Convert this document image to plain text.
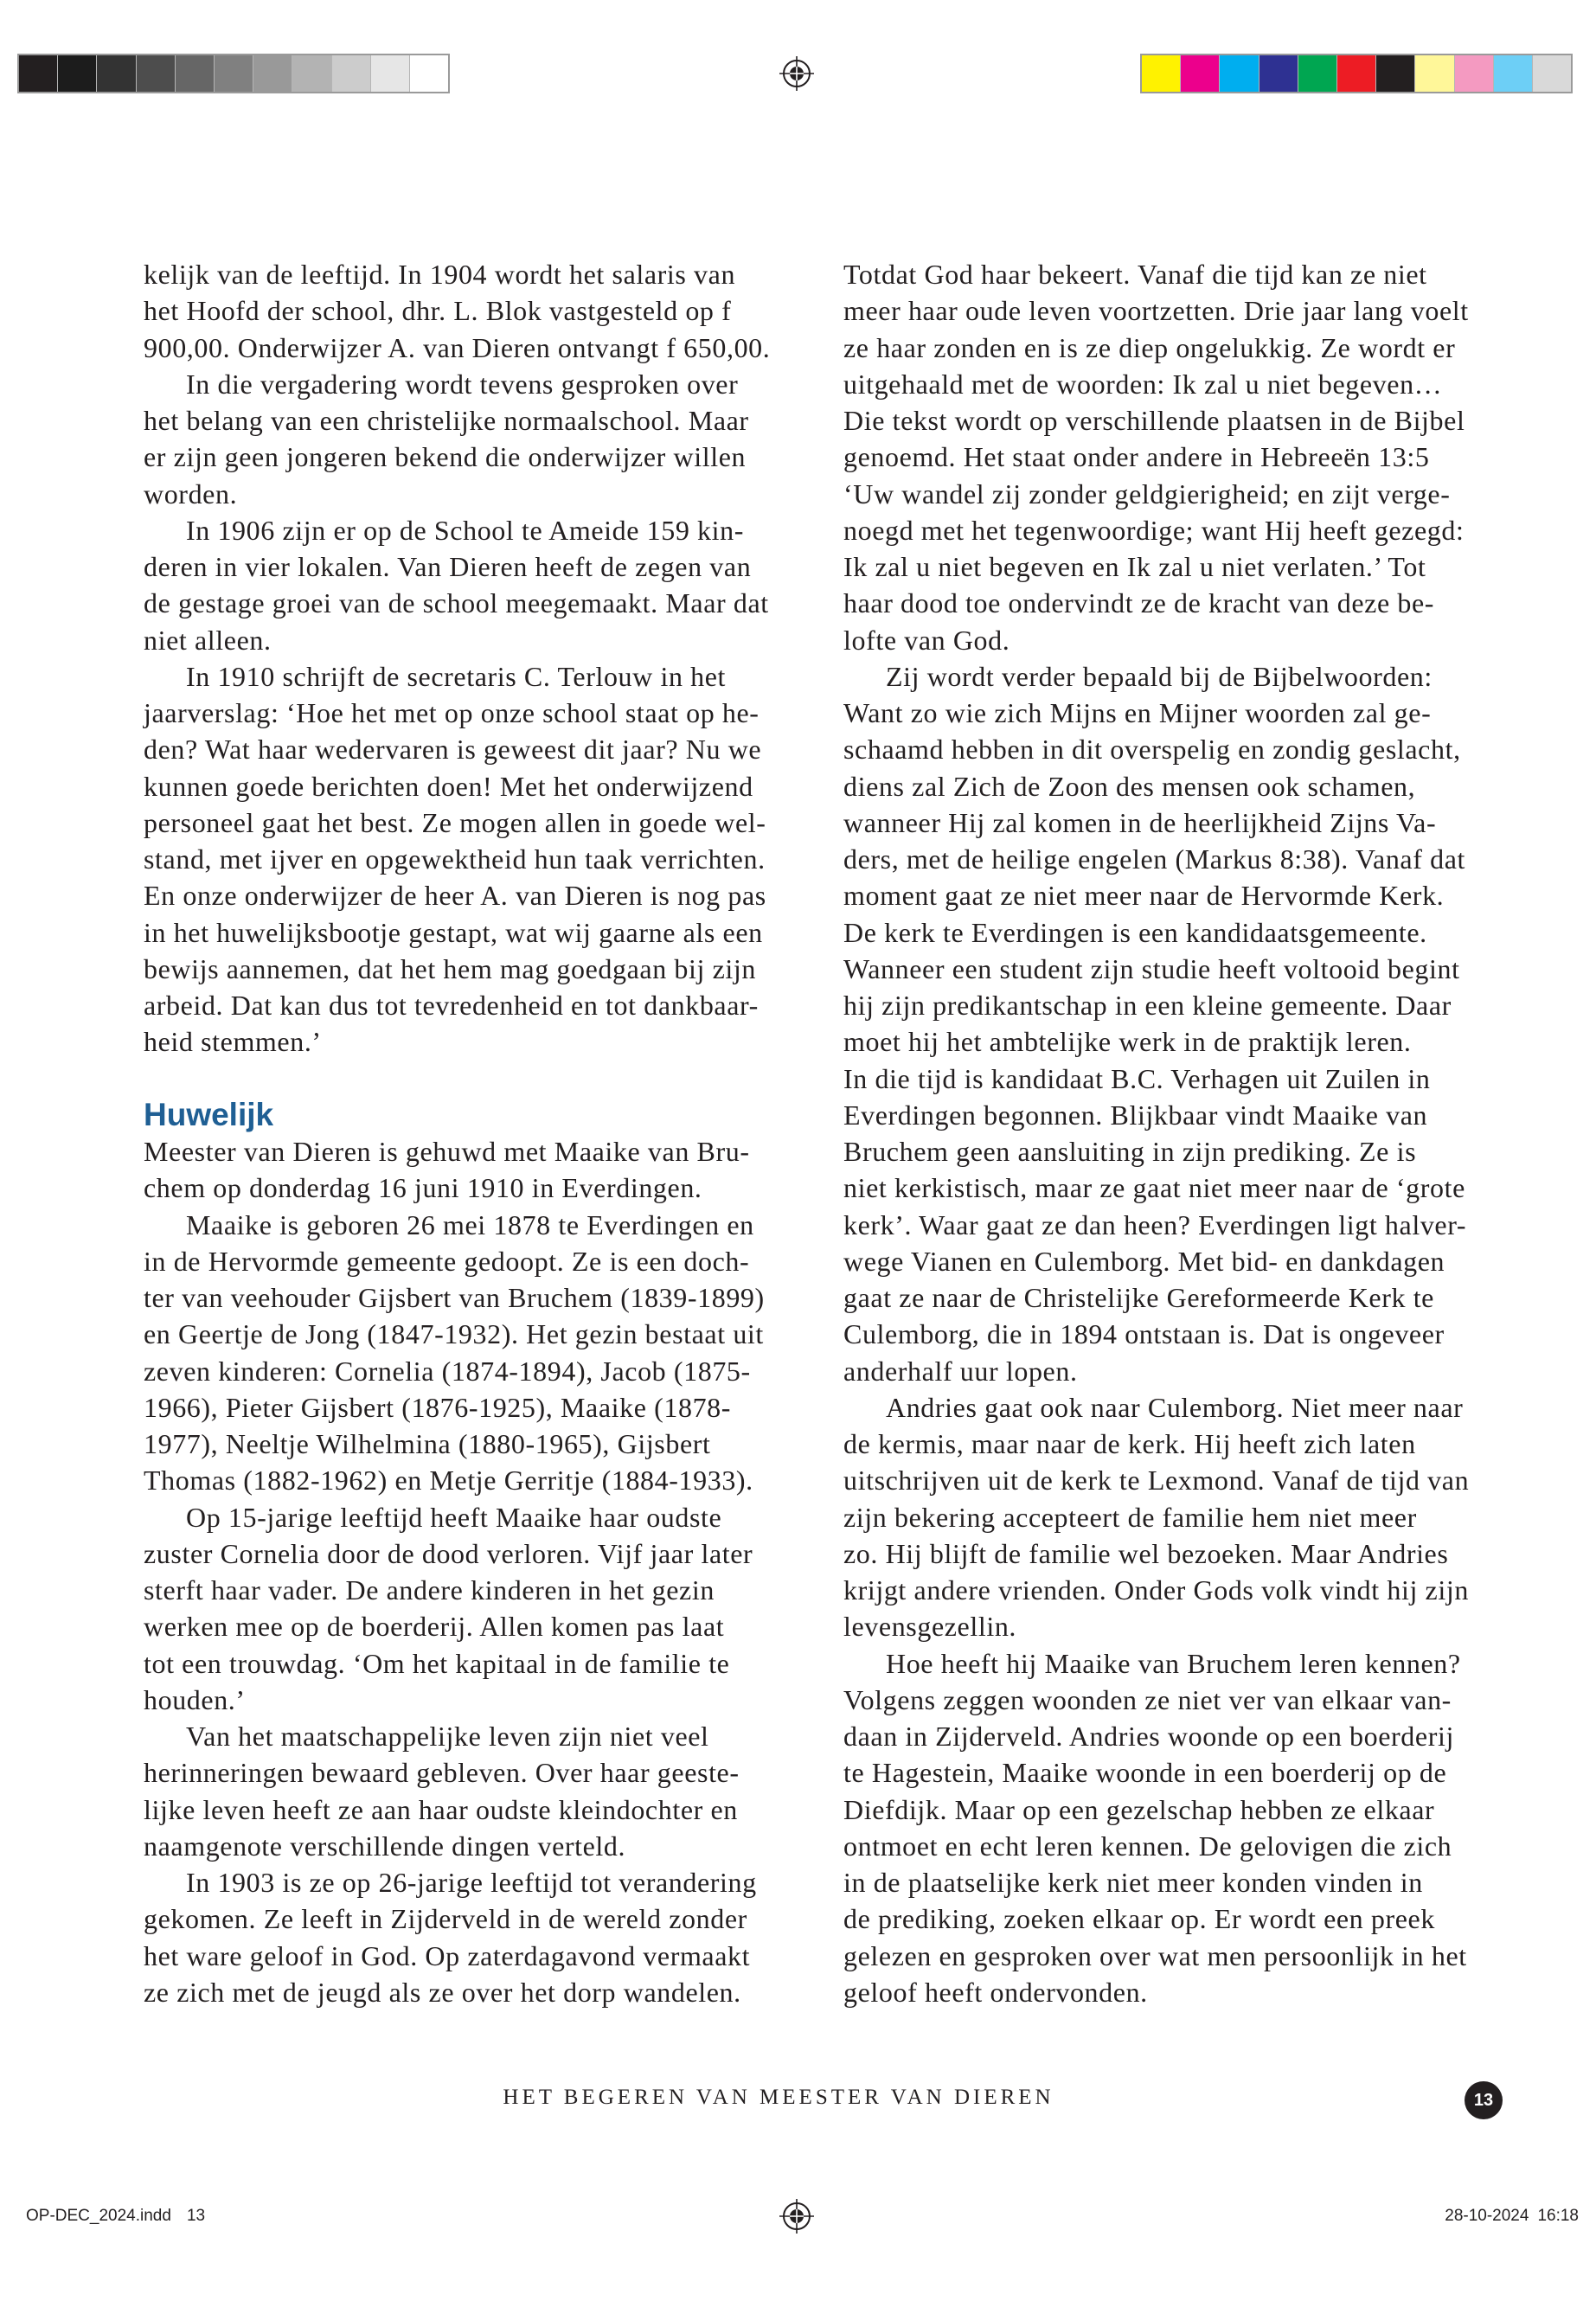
kelijk van de leeftijd. In 1904 wordt het salaris van
het Hoofd der school, dhr. L. Blok vastgesteld op f
900,00. Onderwijzer A. van Dieren ontvangt f 650,00.
In die vergadering wordt tevens gesproken over
het belang van een christelijke normaalschool. Maar
er zijn geen jongeren bekend die onderwijzer willen
worden.
In 1906 zijn er op de School te Ameide 159 kin-
deren in vier lokalen. Van Dieren heeft de zegen van
de gestage groei van de school meegemaakt. Maar dat
niet alleen.
In 1910 schrijft de secretaris C. Terlouw in het
jaarverslag: ‘Hoe het met op onze school staat op he-
den? Wat haar wedervaren is geweest dit jaar? Nu we
kunnen goede berichten doen! Met het onderwijzend
personeel gaat het best. Ze mogen allen in goede wel-
stand, met ijver en opgewektheid hun taak verrichten.
En onze onderwijzer de heer A. van Dieren is nog pas
in het huwelijksbootje gestapt, wat wij gaarne als een
bewijs aannemen, dat het hem mag goedgaan bij zijn
arbeid. Dat kan dus tot tevredenheid en tot dankbaar-
heid stemmen.’
Huwelijk
Meester van Dieren is gehuwd met Maaike van Bru-
chem op donderdag 16 juni 1910 in Everdingen.
Maaike is geboren 26 mei 1878 te Everdingen en
in de Hervormde gemeente gedoopt. Ze is een doch-
ter van veehouder Gijsbert van Bruchem (1839-1899)
en Geertje de Jong (1847-1932). Het gezin bestaat uit
zeven kinderen: Cornelia (1874-1894), Jacob (1875-
1966), Pieter Gijsbert (1876-1925), Maaike (1878-
1977), Neeltje Wilhelmina (1880-1965), Gijsbert
Thomas (1882-1962) en Metje Gerritje (1884-1933).
Op 15-jarige leeftijd heeft Maaike haar oudste
zuster Cornelia door de dood verloren. Vijf jaar later
sterft haar vader. De andere kinderen in het gezin
werken mee op de boerderij. Allen komen pas laat
tot een trouwdag. ‘Om het kapitaal in de familie te
houden.’
Van het maatschappelijke leven zijn niet veel
herinneringen bewaard gebleven. Over haar geeste-
lijke leven heeft ze aan haar oudste kleindochter en
naamgenote verschillende dingen verteld.
In 1903 is ze op 26-jarige leeftijd tot verandering
gekomen. Ze leeft in Zijderveld in de wereld zonder
het ware geloof in God. Op zaterdagavond vermaakt
ze zich met de jeugd als ze over het dorp wandelen.
Totdat God haar bekeert. Vanaf die tijd kan ze niet
meer haar oude leven voortzetten. Drie jaar lang voelt
ze haar zonden en is ze diep ongelukkig. Ze wordt er
uitgehaald met de woorden: Ik zal u niet begeven…
Die tekst wordt op verschillende plaatsen in de Bijbel
genoemd. Het staat onder andere in Hebreeën 13:5
‘Uw wandel zij zonder geldgierigheid; en zijt verge-
noegd met het tegenwoordige; want Hij heeft gezegd:
Ik zal u niet begeven en Ik zal u niet verlaten.’ Tot
haar dood toe ondervindt ze de kracht van deze be-
lofte van God.
Zij wordt verder bepaald bij de Bijbelwoorden:
Want zo wie zich Mijns en Mijner woorden zal ge-
schaamd hebben in dit overspelig en zondig geslacht,
diens zal Zich de Zoon des mensen ook schamen,
wanneer Hij zal komen in de heerlijkheid Zijns Va-
ders, met de heilige engelen (Markus 8:38). Vanaf dat
moment gaat ze niet meer naar de Hervormde Kerk.
De kerk te Everdingen is een kandidaatsgemeente.
Wanneer een student zijn studie heeft voltooid begint
hij zijn predikantschap in een kleine gemeente. Daar
moet hij het ambtelijke werk in de praktijk leren.
In die tijd is kandidaat B.C. Verhagen uit Zuilen in
Everdingen begonnen. Blijkbaar vindt Maaike van
Bruchem geen aansluiting in zijn prediking. Ze is
niet kerkistisch, maar ze gaat niet meer naar de ‘grote
kerk’. Waar gaat ze dan heen? Everdingen ligt halver-
wege Vianen en Culemborg. Met bid- en dankdagen
gaat ze naar de Christelijke Gereformeerde Kerk te
Culemborg, die in 1894 ontstaan is. Dat is ongeveer
anderhalf uur lopen.
Andries gaat ook naar Culemborg. Niet meer naar
de kermis, maar naar de kerk. Hij heeft zich laten
uitschrijven uit de kerk te Lexmond. Vanaf de tijd van
zijn bekering accepteert de familie hem niet meer
zo. Hij blijft de familie wel bezoeken. Maar Andries
krijgt andere vrienden. Onder Gods volk vindt hij zijn
levensgezellin.
Hoe heeft hij Maaike van Bruchem leren kennen?
Volgens zeggen woonden ze niet ver van elkaar van-
daan in Zijderveld. Andries woonde op een boerderij
te Hagestein, Maaike woonde in een boerderij op de
Diefdijk. Maar op een gezelschap hebben ze elkaar
ontmoet en echt leren kennen. De gelovigen die zich
in de plaatselijke kerk niet meer konden vinden in
de prediking, zoeken elkaar op. Er wordt een preek
gelezen en gesproken over wat men persoonlijk in het
geloof heeft ondervonden.
HET BEGEREN VAN MEESTER VAN DIEREN	13
OP-DEC_2024.indd 13	28-10-2024 16:18
